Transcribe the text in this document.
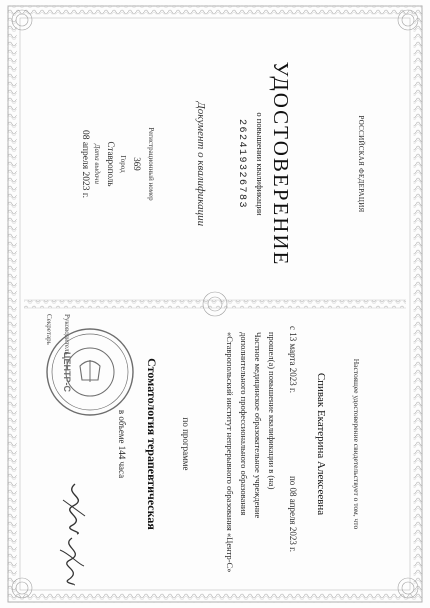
ЦЕНТР-С
РОССИЙСКАЯ ФЕДЕРАЦИЯ
УДОСТОВЕРЕНИЕ
о повышении квалификации
262419326783
Документ о квалификации
Регистрационный номер
369
Город
Ставрополь
Дата выдачи
08 апреля 2023 г.
Настоящее удостоверение свидетельствует о том, что
Спивак Екатерина Алексеевна
с 13 марта 2023 г.
по 08 апреля 2023 г.
прошел(а) повышение квалификации в (на)
Частное медицинское образовательное учреждение
дополнительного профессионального образования
«Ставропольский институт непрерывного образования «Центр-С»
по программе
Стоматология терапевтическая
в объеме 144 часа
Руководитель
Секретарь
